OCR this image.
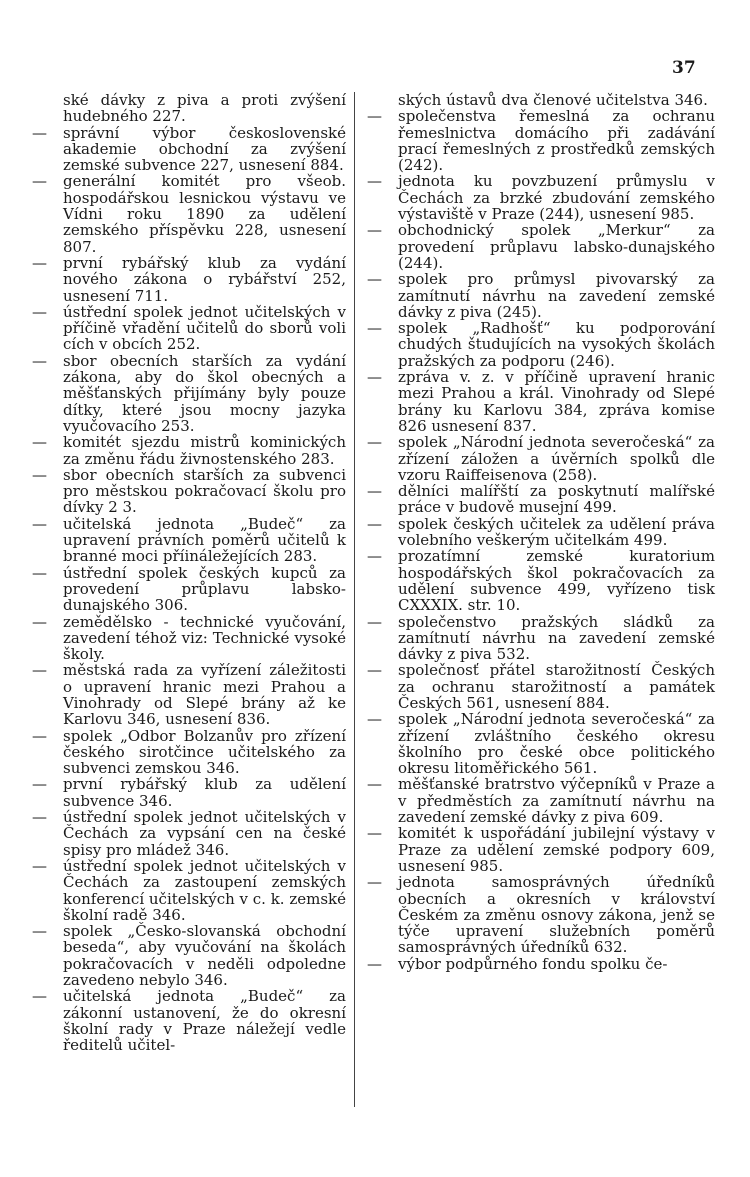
37
ské dávky z piva a proti zvýšení hudebného 227.
—	správní výbor československé akademie obchodní za zvýšení zemské subvence 227, usnesení 884.
—	generální komitét pro všeob. hospodářskou lesnickou výstavu ve Vídni roku 1890 za udělení zemského příspěvku 228, usnesení 807.
—	první rybářský klub za vydání nového zákona o rybářství 252, usnesení 711.
—	ústřední spolek jednot učitelských v příčině vřadění učitelů do sborů voli cích v obcích 252.
—	sbor obecních starších za vydání zákona, aby do škol obecných a měšťanských přijímány byly pouze dítky, které jsou mocny jazyka vyučovacího 253.
—	komitét sjezdu mistrů kominických za změnu řádu živnostenského 283.
—	sbor obecních starších za subvenci pro městskou pokračovací školu pro dívky 2 3.
—	učitelská jednota „Budeč“ za upravení právních poměrů učitelů k branné moci příináležejících 283.
—	ústřední spolek českých kupců za provedení průplavu labsko-dunajského 306.
—	zemědělsko - technické vyučování, zavedení téhož viz: Technické vysoké školy.
—	městská rada za vyřízení záležitosti o upravení hranic mezi Prahou a Vinohrady od Slepé brány až ke Karlovu 346, usnesení 836.
—	spolek „Odbor Bolzanův pro zřízení českého sirotčince učitelského za subvenci zemskou 346.
—	první rybářský klub za udělení subvence 346.
—	ústřední spolek jednot učitelských v Čechách za vypsání cen na české spisy pro mládež 346.
—	ústřední spolek jednot učitelských v Čechách za zastoupení zemských konferencí učitelských v c. k. zemské školní radě 346.
—	spolek „Česko-slovanská obchodní beseda“, aby vyučování na školách pokračovacích v neděli odpoledne zavedeno nebylo 346.
—	učitelská jednota „Budeč“ za zákonní ustanovení, že do okresní školní rady v Praze náležejí vedle ředitelů učitel-
ských ústavů dva členové učitelstva 346.
—	společenstva řemeslná za ochranu řemeslnictva domácího při zadávání prací řemeslných z prostředků zemských (242).
—	jednota ku povzbuzení průmyslu v Čechách za brzké zbudování zemského výstaviště v Praze (244), usnesení 985.
—	obchodnický spolek „Merkur“ za provedení průplavu labsko-dunajského (244).
—	spolek pro průmysl pivovarský za zamítnutí návrhu na zavedení zemské dávky z piva (245).
—	spolek „Radhošť“ ku podporování chudých študujících na vysokých školách pražských za podporu (246).
—	zpráva v. z. v příčině upravení hranic mezi Prahou a král. Vinohrady od Slepé brány ku Karlovu 384, zpráva komise 826 usnesení 837.
—	spolek „Národní jednota severočeská“ za zřízení záložen a úvěrních spolků dle vzoru Raiffeisenova (258).
—	dělníci malířští za poskytnutí malířské práce v budově musejní 499.
—	spolek českých učitelek za udělení práva volebního veškerým učitelkám 499.
—	prozatímní zemské kuratorium hospodářských škol pokračovacích za udělení subvence 499, vyřízeno tisk CXXXIX. str. 10.
—	společenstvo pražských sládků za zamítnutí návrhu na zavedení zemské dávky z piva 532.
—	společnosť přátel starožitností Českých za ochranu starožitností a památek Českých 561, usnesení 884.
—	spolek „Národní jednota severočeská“ za zřízení zvláštního českého okresu školního pro české obce politického okresu litoměřického 561.
—	měšťanské bratrstvo výčepníků v Praze a v předměstích za zamítnutí návrhu na zavedení zemské dávky z piva 609.
—	komitét k uspořádání jubilejní výstavy v Praze za udělení zemské podpory 609, usnesení 985.
—	jednota samosprávných úředníků obecních a okresních v království Českém za změnu osnovy zákona, jenž se týče upravení služebních poměrů samosprávných úředníků 632.
—	výbor podpůrného fondu spolku če-
